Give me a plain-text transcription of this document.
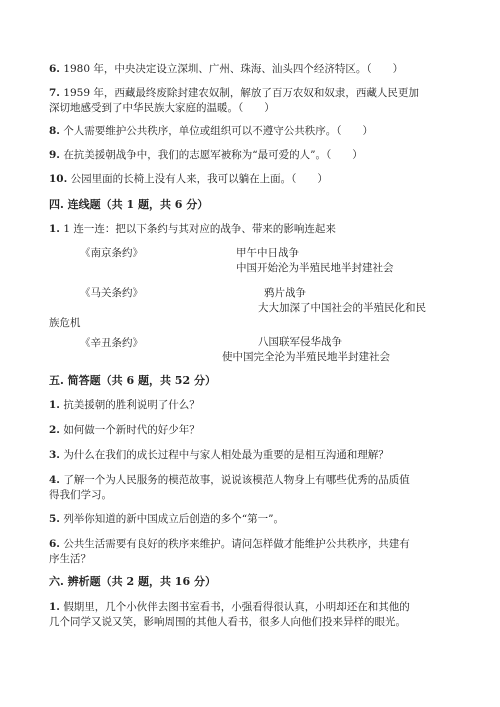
6. 1980 年，中央决定设立深圳、广州、珠海、汕头四个经济特区。（　　）
7. 1959 年，西藏最终废除封建农奴制，解放了百万农奴和奴隶，西藏人民更加
深切地感受到了中华民族大家庭的温暖。（　　）
8. 个人需要维护公共秩序，单位或组织可以不遵守公共秩序。（　　）
9. 在抗美援朝战争中，我们的志愿军被称为“最可爱的人”。（　　）
10. 公园里面的长椅上没有人来，我可以躺在上面。（　　）
四. 连线题（共 1 题，共 6 分）
1. 1 连一连：把以下条约与其对应的战争、带来的影响连起来
《南京条约》	甲午中日战争
中国开始沦为半殖民地半封建社会
《马关条约》	鸦片战争
大大加深了中国社会的半殖民化和民
族危机
《辛丑条约》	八国联军侵华战争
使中国完全沦为半殖民地半封建社会
五. 简答题（共 6 题，共 52 分）
1. 抗美援朝的胜利说明了什么？
2. 如何做一个新时代的好少年？
3. 为什么在我们的成长过程中与家人相处最为重要的是相互沟通和理解？
4. 了解一个为人民服务的模范故事，说说该模范人物身上有哪些优秀的品质值
得我们学习。
5. 列举你知道的新中国成立后创造的多个“第一”。
6. 公共生活需要有良好的秩序来维护。请问怎样做才能维护公共秩序，共建有
序生活？
六. 辨析题（共 2 题，共 16 分）
1. 假期里，几个小伙伴去图书室看书，小强看得很认真，小明却还在和其他的
几个同学又说又笑，影响周围的其他人看书，很多人向他们投来异样的眼光。
